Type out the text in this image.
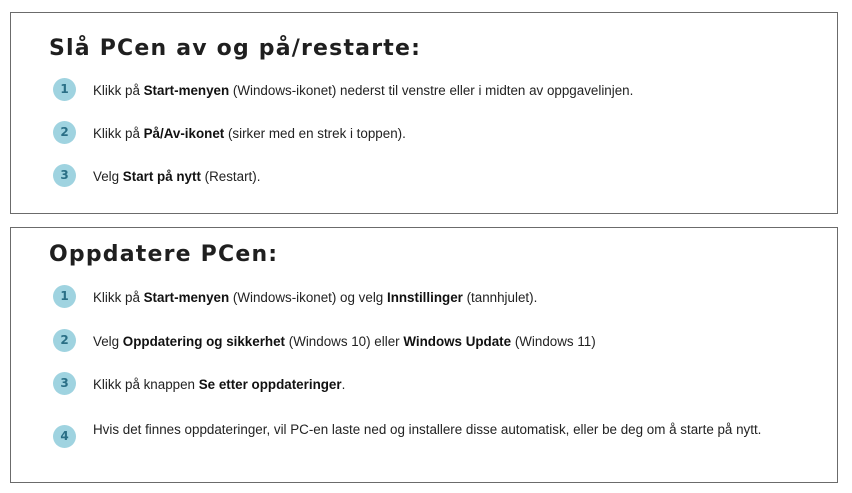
Slå PCen av og på/restarte:
1	Klikk på Start-menyen (Windows-ikonet) nederst til venstre eller i midten av oppgavelinjen.
2	Klikk på På/Av-ikonet (sirker med en strek i toppen).
3	Velg Start på nytt (Restart).
Oppdatere PCen:
1	Klikk på Start-menyen (Windows-ikonet) og velg Innstillinger (tannhjulet).
2	Velg Oppdatering og sikkerhet (Windows 10) eller Windows Update (Windows 11)
3	Klikk på knappen Se etter oppdateringer.
4	Hvis det finnes oppdateringer, vil PC-en laste ned og installere disse automatisk, eller be deg om å starte på nytt.
